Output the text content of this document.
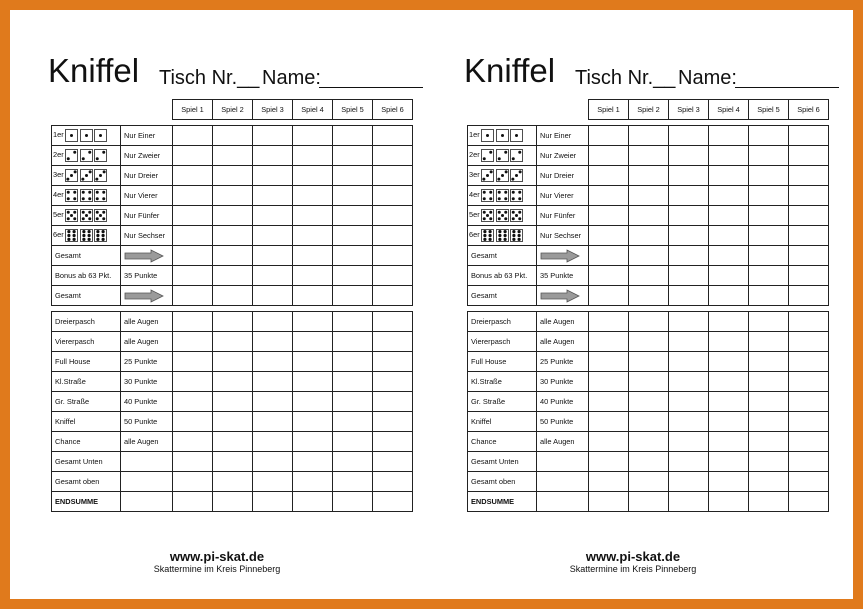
Kniffel Tisch Nr.__ Name:
		Spiel 1	Spiel 2	Spiel 3	Spiel 4	Spiel 5	Spiel 6

1er	Nur Einer						
2er	Nur Zweier						
3er	Nur Dreier						
4er	Nur Vierer						
5er	Nur Fünfer						
6er	Nur Sechser						
Gesamt	

Bonus ab 63 Pkt.	35 Punkte						
Gesamt	

Dreierpasch	alle Augen						
Viererpasch	alle Augen						
Full House	25 Punkte						
Kl.Straße	30 Punkte						
Gr. Straße	40 Punkte						
Kniffel	50 Punkte						
Chance	alle Augen						
Gesamt Unten							
Gesamt oben							
ENDSUMME							
www.pi-skat.de
Skattermine im Kreis Pinneberg
Kniffel Tisch Nr.__ Name:
		Spiel 1	Spiel 2	Spiel 3	Spiel 4	Spiel 5	Spiel 6

1er	Nur Einer						
2er	Nur Zweier						
3er	Nur Dreier						
4er	Nur Vierer						
5er	Nur Fünfer						
6er	Nur Sechser						
Gesamt	

Bonus ab 63 Pkt.	35 Punkte						
Gesamt	

Dreierpasch	alle Augen						
Viererpasch	alle Augen						
Full House	25 Punkte						
Kl.Straße	30 Punkte						
Gr. Straße	40 Punkte						
Kniffel	50 Punkte						
Chance	alle Augen						
Gesamt Unten							
Gesamt oben							
ENDSUMME							
www.pi-skat.de
Skattermine im Kreis Pinneberg
